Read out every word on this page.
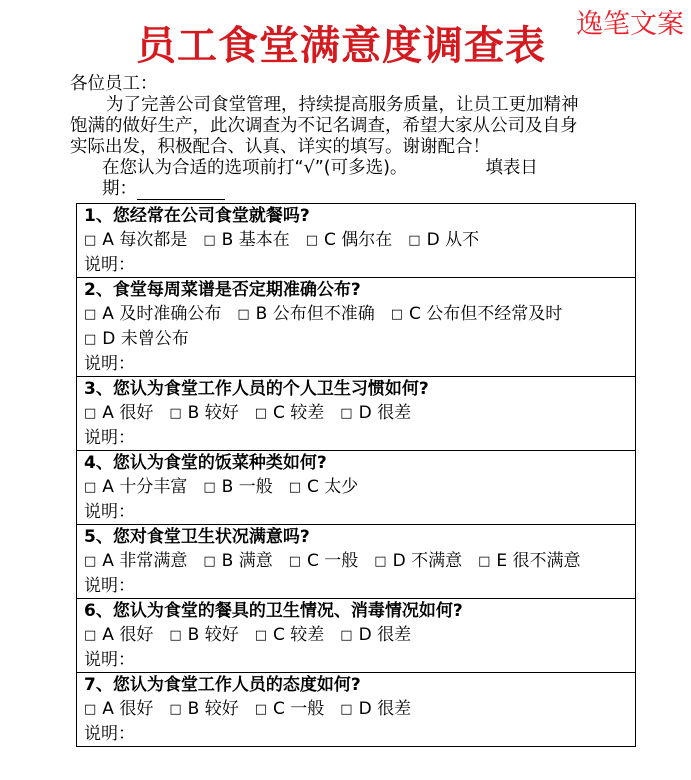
逸笔文案
员工食堂满意度调查表

各位员工：

为了完善公司食堂管理，持续提高服务质量，让员工更加精神

饱满的做好生产，此次调查为不记名调查，希望大家从公司及自身

实际出发，积极配合、认真、详实的填写。谢谢配合！

在您认为合适的选项前打“√”(可多选)。	填表日

期：

1、您经常在公司食堂就餐吗?
□ A 每次都是 □ B 基本在 □ C 偶尔在 □ D 从不
说明：
2、食堂每周菜谱是否定期准确公布?
□ A 及时准确公布 □ B 公布但不准确 □ C 公布但不经常及时
□ D 未曾公布
说明：
3、您认为食堂工作人员的个人卫生习惯如何?
□ A 很好 □ B 较好 □ C 较差 □ D 很差
说明：
4、您认为食堂的饭菜种类如何?
□ A 十分丰富 □ B 一般 □ C 太少
说明：
5、您对食堂卫生状况满意吗?
□ A 非常满意 □ B 满意 □ C 一般 □ D 不满意 □ E 很不满意
说明：
6、您认为食堂的餐具的卫生情况、消毒情况如何?
□ A 很好 □ B 较好 □ C 较差 □ D 很差
说明：
7、您认为食堂工作人员的态度如何?
□ A 很好 □ B 较好 □ C 一般 □ D 很差
说明：
